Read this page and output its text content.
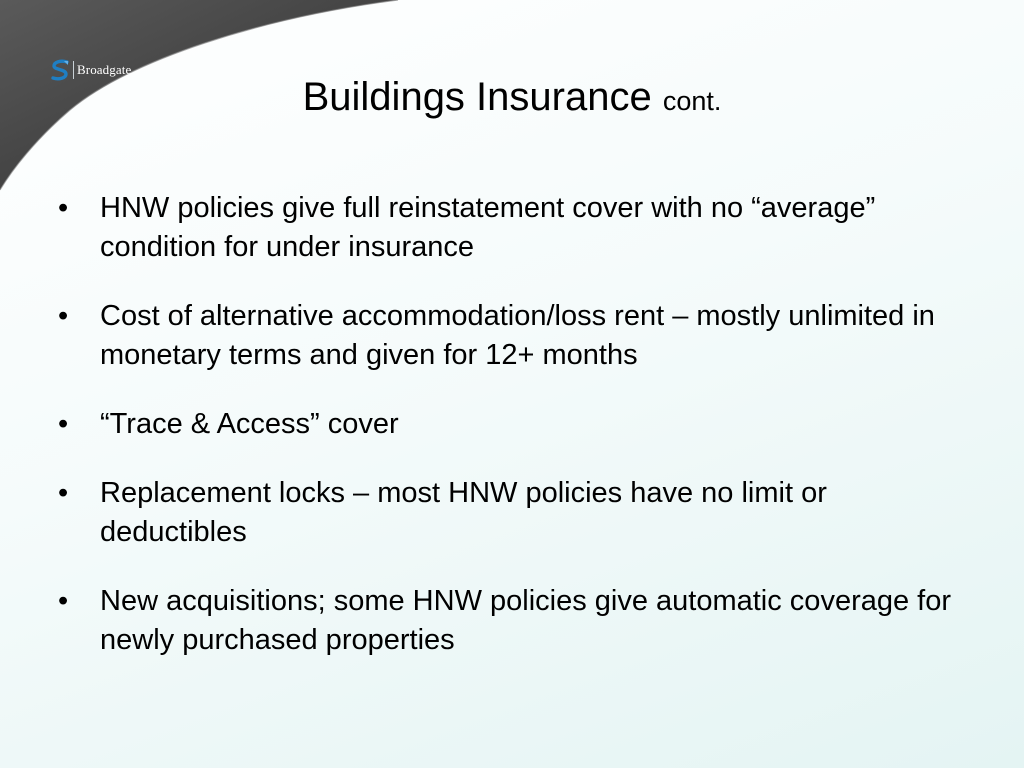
Broadgate
Buildings Insurance cont.
• HNW policies give full reinstatement cover with no “average” condition for under insurance
• Cost of alternative accommodation/loss rent – mostly unlimited in monetary terms and given for 12+ months
• “Trace & Access” cover
• Replacement locks – most HNW policies have no limit or deductibles
• New acquisitions; some HNW policies give automatic coverage for newly purchased properties
